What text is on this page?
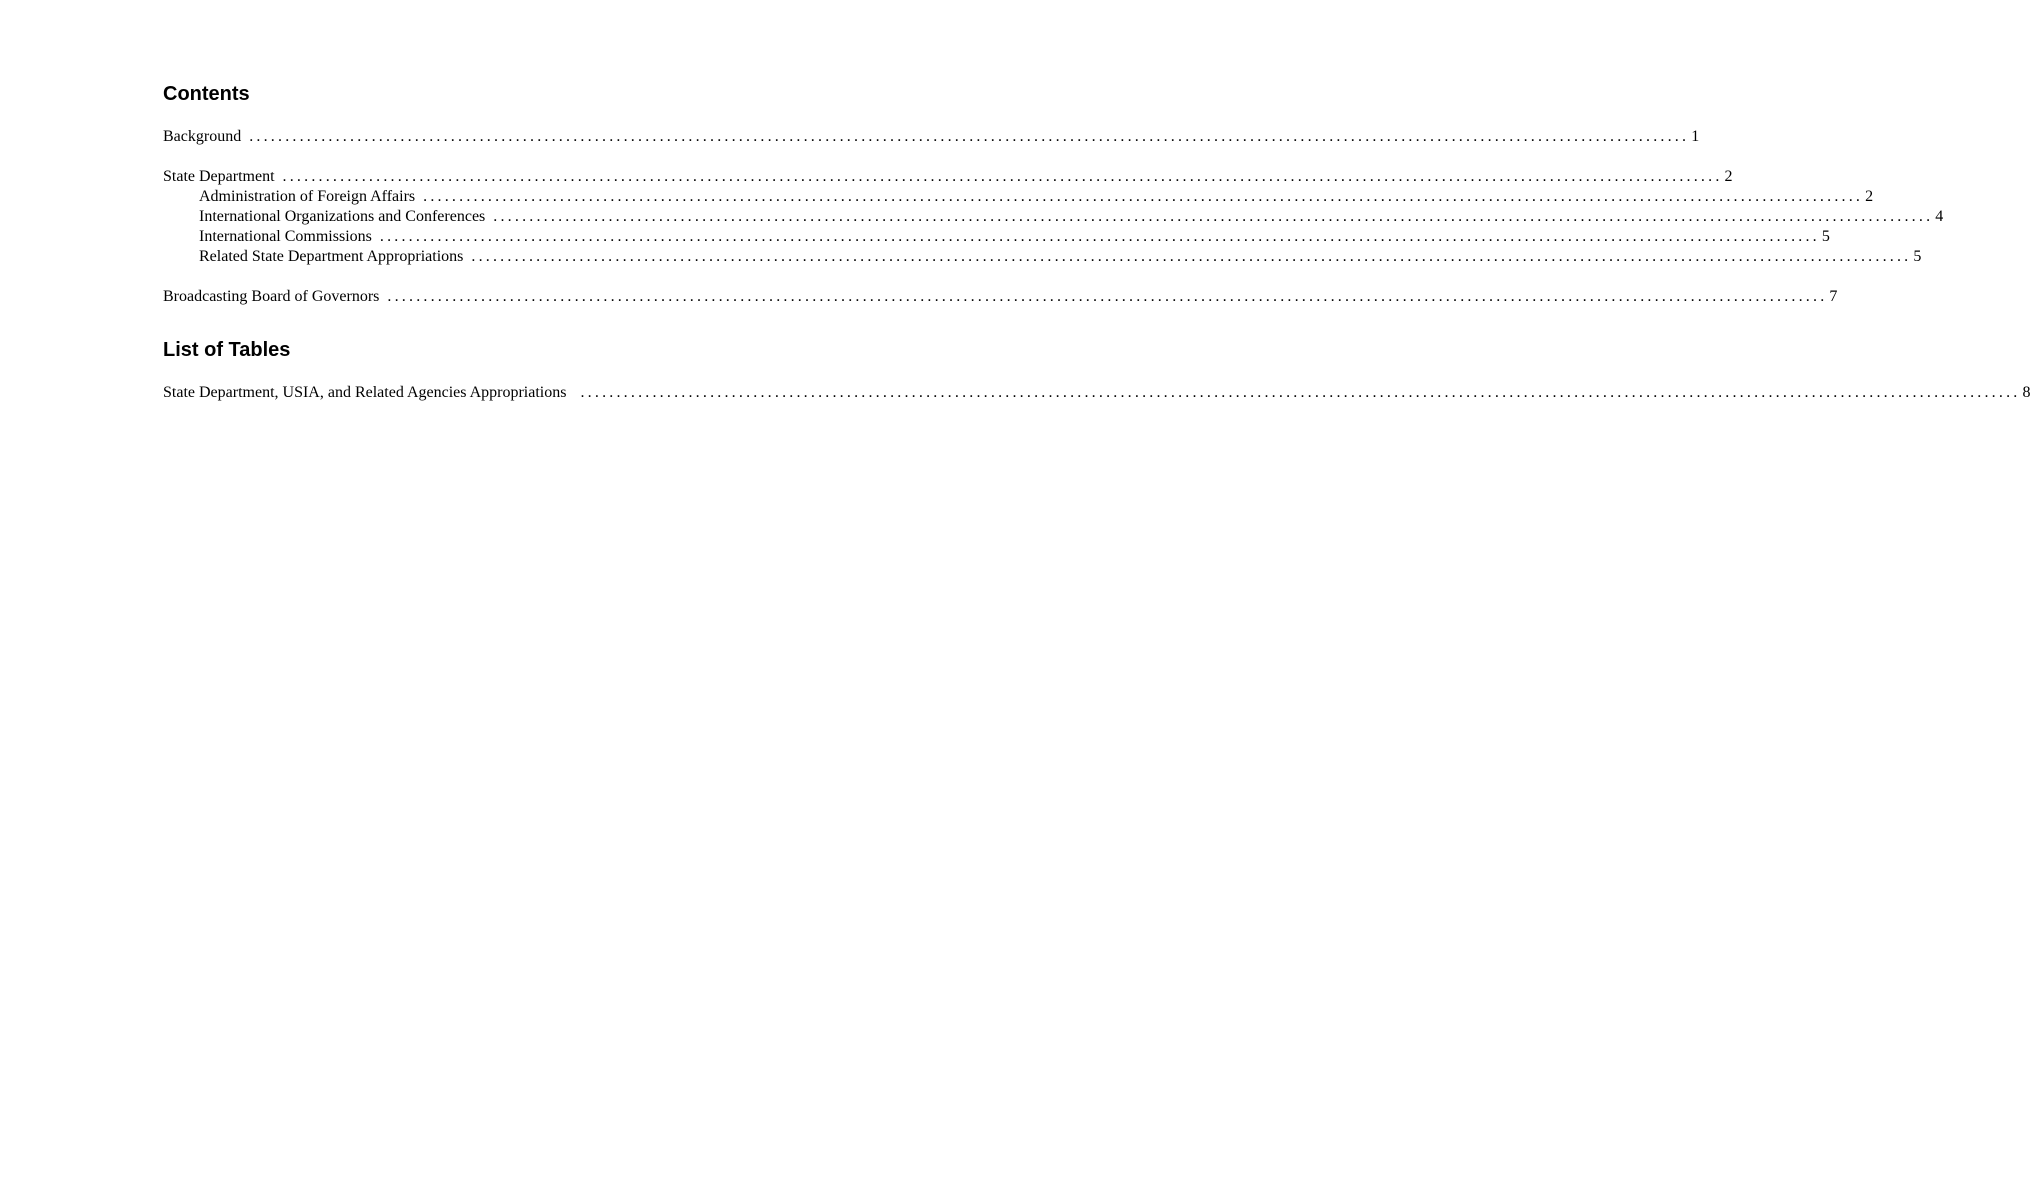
Contents
Background ........................................................................................................................................................................................................ 1
State Department ........................................................................................................................................................................................................ 2
Administration of Foreign Affairs ........................................................................................................................................................................................................ 2
International Organizations and Conferences ........................................................................................................................................................................................................ 4
International Commissions ........................................................................................................................................................................................................ 5
Related State Department Appropriations ........................................................................................................................................................................................................ 5
Broadcasting Board of Governors ........................................................................................................................................................................................................ 7
List of Tables
State Department, USIA, and Related Agencies Appropriations ........................................................................................................................................................................................................ 8
